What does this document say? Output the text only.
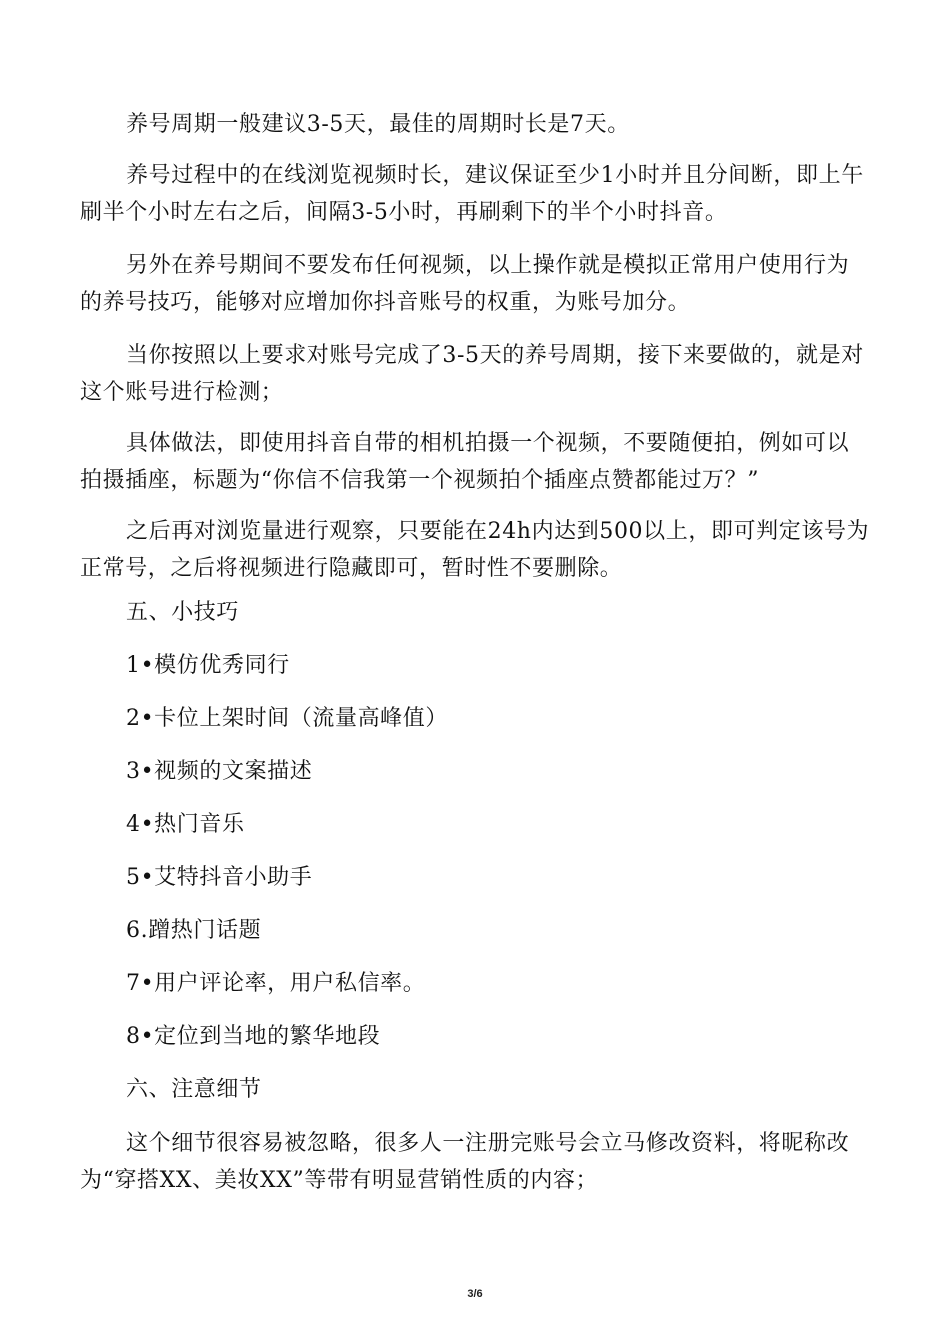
养号周期一般建议3-5天，最佳的周期时长是7天。

养号过程中的在线浏览视频时长，建议保证至少1小时并且分间断，即上午刷半个小时左右之后，间隔3-5小时，再刷剩下的半个小时抖音。

另外在养号期间不要发布任何视频，以上操作就是模拟正常用户使用行为的养号技巧，能够对应增加你抖音账号的权重，为账号加分。

当你按照以上要求对账号完成了3-5天的养号周期，接下来要做的，就是对这个账号进行检测；

具体做法，即使用抖音自带的相机拍摄一个视频，不要随便拍，例如可以拍摄插座，标题为“你信不信我第一个视频拍个插座点赞都能过万？”

之后再对浏览量进行观察，只要能在24h内达到500以上，即可判定该号为正常号，之后将视频进行隐藏即可，暂时性不要删除。

五、小技巧

1•模仿优秀同行

2•卡位上架时间（流量高峰值）

3•视频的文案描述

4•热门音乐

5•艾特抖音小助手

6.蹭热门话题

7•用户评论率，用户私信率。

8•定位到当地的繁华地段

六、注意细节

这个细节很容易被忽略，很多人一注册完账号会立马修改资料，将昵称改为“穿搭XX、美妆XX”等带有明显营销性质的内容；

3/6
